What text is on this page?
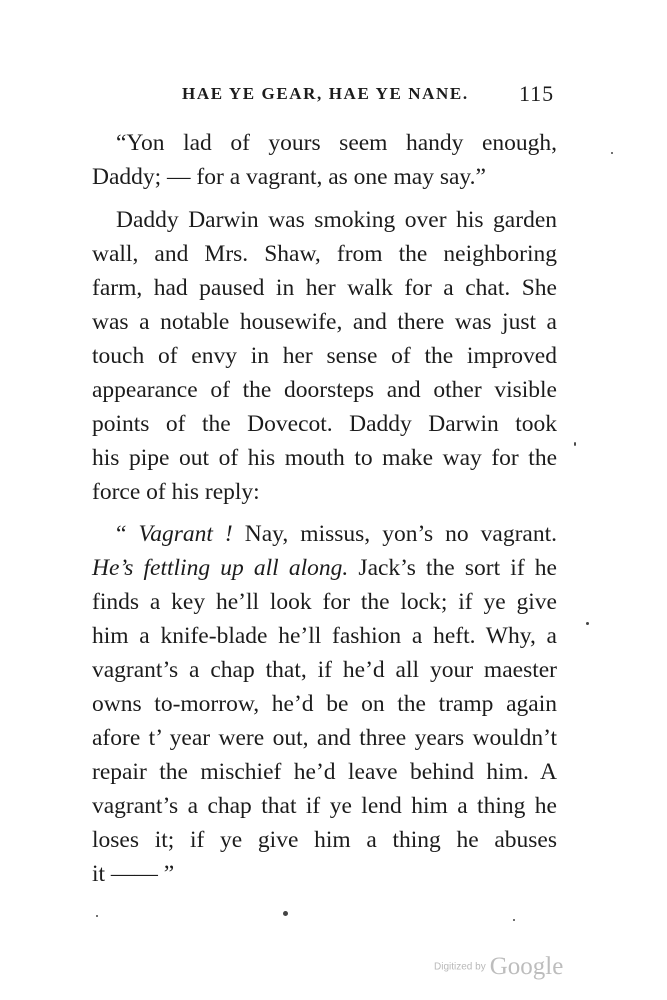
HAE YE GEAR, HAE YE NANE. 115
“Yon lad of yours seem handy enough,
Daddy; — for a vagrant, as one may say.”
Daddy Darwin was smoking over his garden
wall, and Mrs. Shaw, from the neighboring
farm, had paused in her walk for a chat. She
was a notable housewife, and there was just a
touch of envy in her sense of the improved
appearance of the doorsteps and other visible
points of the Dovecot. Daddy Darwin took
his pipe out of his mouth to make way for the
force of his reply:
“ Vagrant ! Nay, missus, yon’s no vagrant.
He’s fettling up all along. Jack’s the sort if he
finds a key he’ll look for the lock; if ye give
him a knife-blade he’ll fashion a heft. Why, a
vagrant’s a chap that, if he’d all your maester
owns to-morrow, he’d be on the tramp again
afore t’ year were out, and three years wouldn’t
repair the mischief he’d leave behind him. A
vagrant’s a chap that if ye lend him a thing he
loses it; if ye give him a thing he abuses
it —— ”
Digitized by Google
